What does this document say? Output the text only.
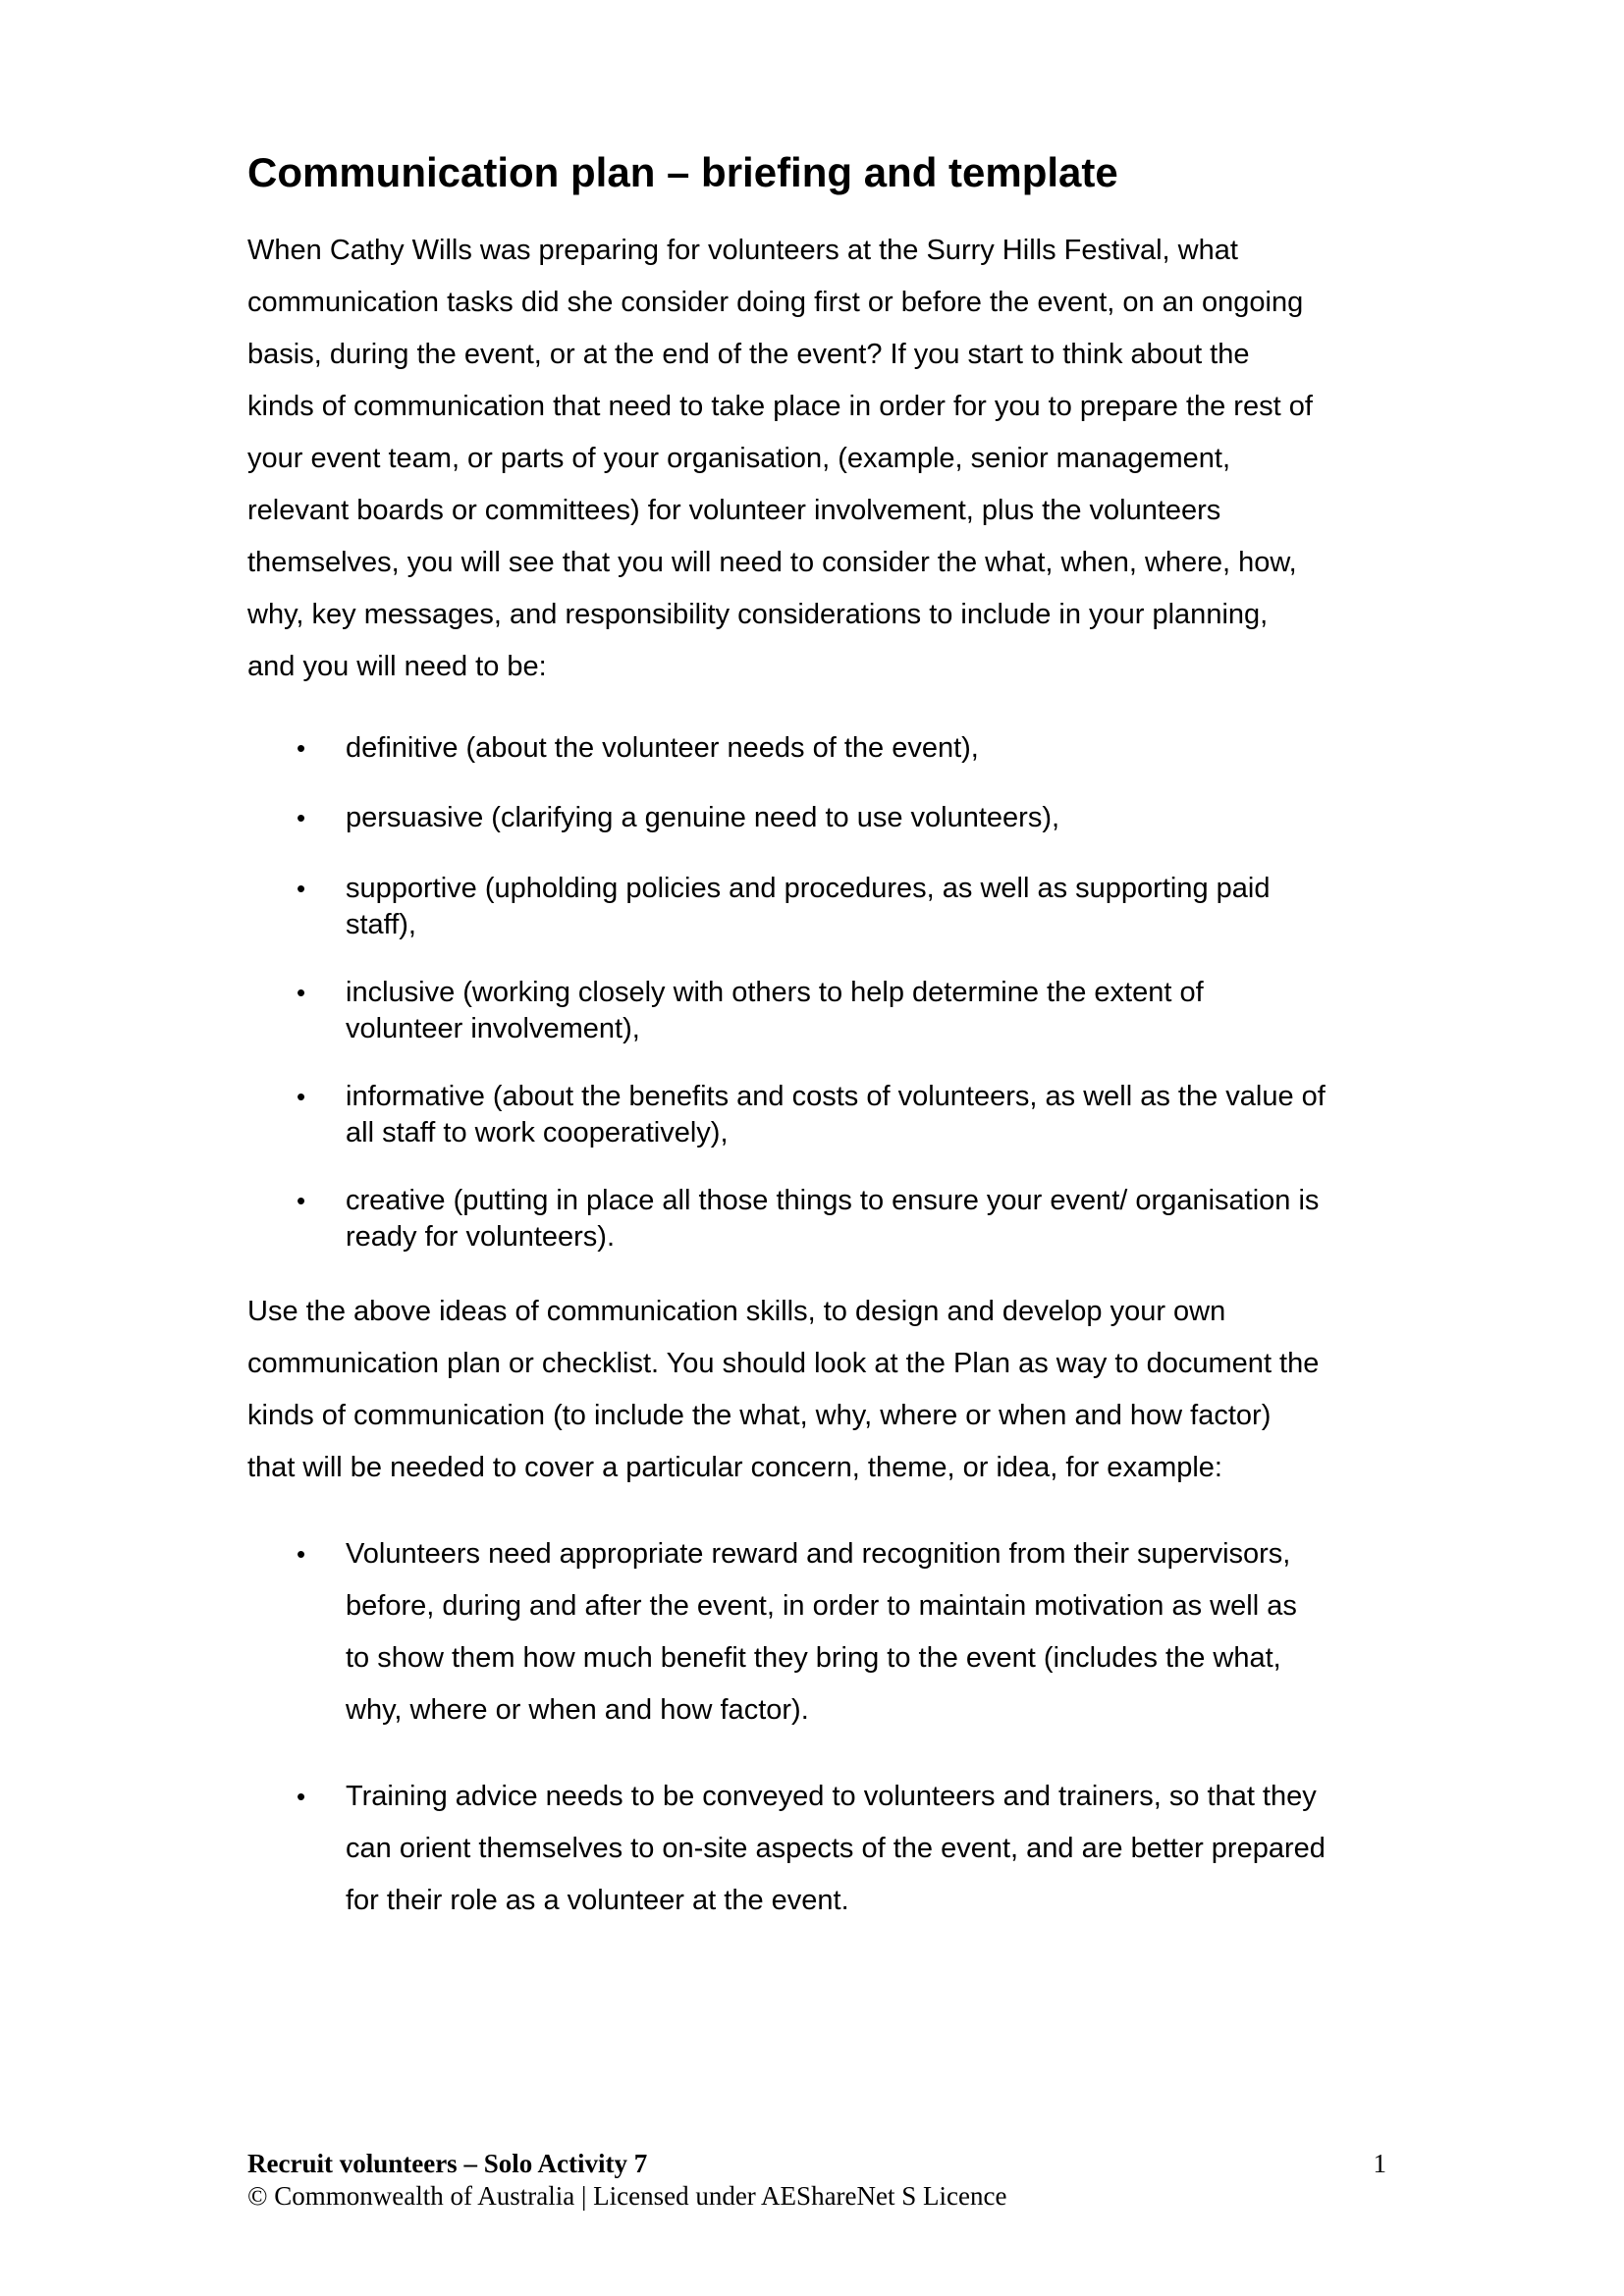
Communication plan – briefing and template

When Cathy Wills was preparing for volunteers at the Surry Hills Festival, what
communication tasks did she consider doing first or before the event, on an ongoing
basis, during the event, or at the end of the event? If you start to think about the
kinds of communication that need to take place in order for you to prepare the rest of
your event team, or parts of your organisation, (example, senior management,
relevant boards or committees) for volunteer involvement, plus the volunteers
themselves, you will see that you will need to consider the what, when, where, how,
why, key messages, and responsibility considerations to include in your planning,
and you will need to be:

• definitive (about the volunteer needs of the event),
• persuasive (clarifying a genuine need to use volunteers),
• supportive (upholding policies and procedures, as well as supporting paid
staff),
• inclusive (working closely with others to help determine the extent of
volunteer involvement),
• informative (about the benefits and costs of volunteers, as well as the value of
all staff to work cooperatively),
• creative (putting in place all those things to ensure your event/ organisation is
ready for volunteers).

Use the above ideas of communication skills, to design and develop your own
communication plan or checklist. You should look at the Plan as way to document the
kinds of communication (to include the what, why, where or when and how factor)
that will be needed to cover a particular concern, theme, or idea, for example:

• Volunteers need appropriate reward and recognition from their supervisors,
before, during and after the event, in order to maintain motivation as well as
to show them how much benefit they bring to the event (includes the what,
why, where or when and how factor).
• Training advice needs to be conveyed to volunteers and trainers, so that they
can orient themselves to on-site aspects of the event, and are better prepared
for their role as a volunteer at the event.
Recruit volunteers – Solo Activity 7	1
© Commonwealth of Australia | Licensed under AEShareNet S Licence
